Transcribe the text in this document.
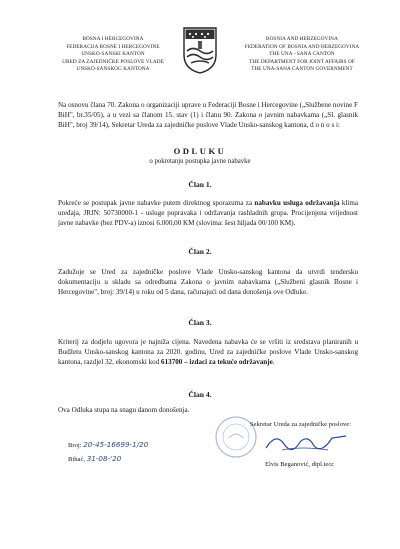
BOSNA I HERCEGOVINA
FEDERACIJA BOSNE I HERCEGOVINE
UNSKO-SANSKI KANTON
URED ZA ZAJEDNIČKE POSLOVE VLADE
UNSKO-SANSKOG KANTONA
BOSNIA AND HERZEGOVINA
FEDERATION OF BOSNIA AND HERZEGOVINA
THE UNA - SANA CANTON
THE DEPARTMENT FOR JOINT AFFAIRS OF
THE UNA-SANA CANTON GOVERNMENT
Na osnovu člana 70. Zakona o organizaciji uprave u Federaciji Bosne i Hercegovine („Službene novine F BiH", br.35/05), a u vezi sa članom 15. stav (1) i članu 90. Zakona o javnim nabavkama („Sl. glasnik BiH", broj 39/14), Sekretar Ureda za zajedničke poslove Vlade Unsko-sanskog kantona, d o n o s i:
ODLUKU
o pokretanju postupka javne nabavke
Član 1.
Pokreće se postupak javne nabavke putem direktnog sporazuma za nabavku usluga održavanja klima uređaja, JRJN: 50730000-1 - usluge popravaka i održavanja rashladnih grupa. Procijenjena vrijednost javne nabavke (bez PDV-a) iznosi 6.000,00 KM (slovima: šest hiljada 00/100 KM).
Član 2.
Zadužuje se Ured za zajedničke poslove Vlade Unsko-sanskog kantona da utvrdi tendersku dokumentaciju u skladu sa odredbama Zakona o javnim nabavkama („Službeni glasnik Bosne i Hercegovine", broj: 39/14) u roku od 5 dana, računajući od dana donošenja ove Odluke.
Član 3.
Kriterij za dodjelu ugovora je najniža cijena. Navedena nabavka će se vršiti iz sredstava planiranih u Budžetu Unsko-sanskog kantona za 2020. godinu, Ured za zajedničke poslove Vlade Unsko-sanskog kantona, razdjel 32, ekonomski kod 613700 – izdaci za tekuće održavanje.
Član 4.
Ova Odluka stupa na snagu danom donošenja.
Broj: 20-45-16699-1/20
Bihać, 31-08-'20
Sekretar Ureda za zajedničke poslove:
Elvis Beganović, dipl.iecc
